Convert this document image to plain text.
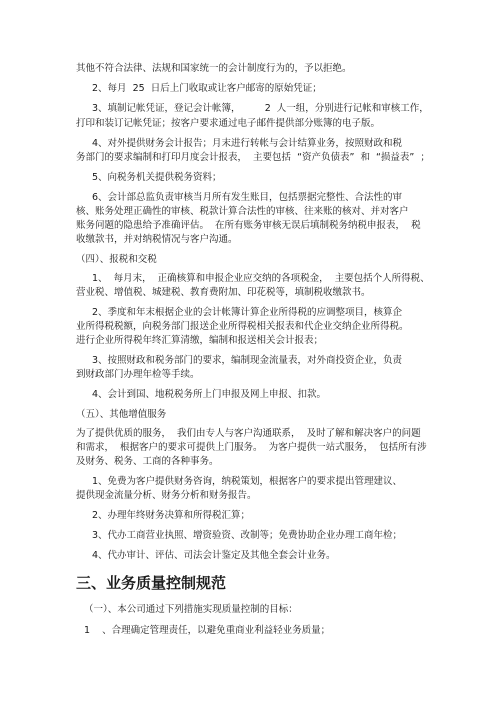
其他不符合法律、法规和国家统一的会计制度行为的，予以拒绝。
2、每月  25  日后上门收取或让客户邮寄的原始凭证；
3、填制记帐凭证，登记会计帐簿，        2  人一组，分别进行记帐和审核工作，
打印和装订记帐凭证；按客户要求通过电子邮件提供部分账簿的电子版。
4、对外提供财务会计报告；月末进行转帐与会计结算业务，按照财政和税
务部门的要求编制和打印月度会计报表，  主要包括  “资产负债表”  和  “损益表”  ；
5、向税务机关提供税务资料；
6、会计部总监负责审核当月所有发生账目，包括票据完整性、合法性的审
核、账务处理正确性的审核、税款计算合法性的审核、往来账的核对、并对客户
账务问题的隐患给予准确评估。  在所有账务审核无误后填制税务纳税申报表，  税
收缴款书，并对纳税情况与客户沟通。
（四）、报税和交税
1、  每月末，  正确核算和申报企业应交纳的各项税金，  主要包括个人所得税、
营业税、增值税、城建税、教育费附加、印花税等，填制税收缴款书。
2、季度和年末根据企业的会计帐簿计算企业所得税的应调整项目，核算企
业所得税税额，向税务部门报送企业所得税相关报表和代企业交纳企业所得税。
进行企业所得税年终汇算清缴，编制和报送相关会计报表；
3、按照财政和税务部门的要求，编制现金流量表，对外商投资企业，负责
到财政部门办理年检等手续。
4、会计到国、地税税务所上门申报及网上申报、扣款。
（五）、其他增值服务
为了提供优质的服务，  我们由专人与客户沟通联系，  及时了解和解决客户的问题
和需求，  根据客户的要求可提供上门服务。  为客户提供一站式服务，  包括所有涉
及财务、税务、工商的各种事务。
1、免费为客户提供财务咨询，纳税策划，根据客户的要求提出管理建议、
提供现金流量分析、财务分析和财务报告。
2、办理年终财务决算和所得税汇算；
3、代办工商营业执照、增资验资、改制等；免费协助企业办理工商年检；
4、代办审计、评估、司法会计鉴定及其他全套会计业务。
三、业务质量控制规范
（一）、本公司通过下列措施实现质量控制的目标：
1    、合理确定管理责任，以避免重商业利益轻业务质量；
